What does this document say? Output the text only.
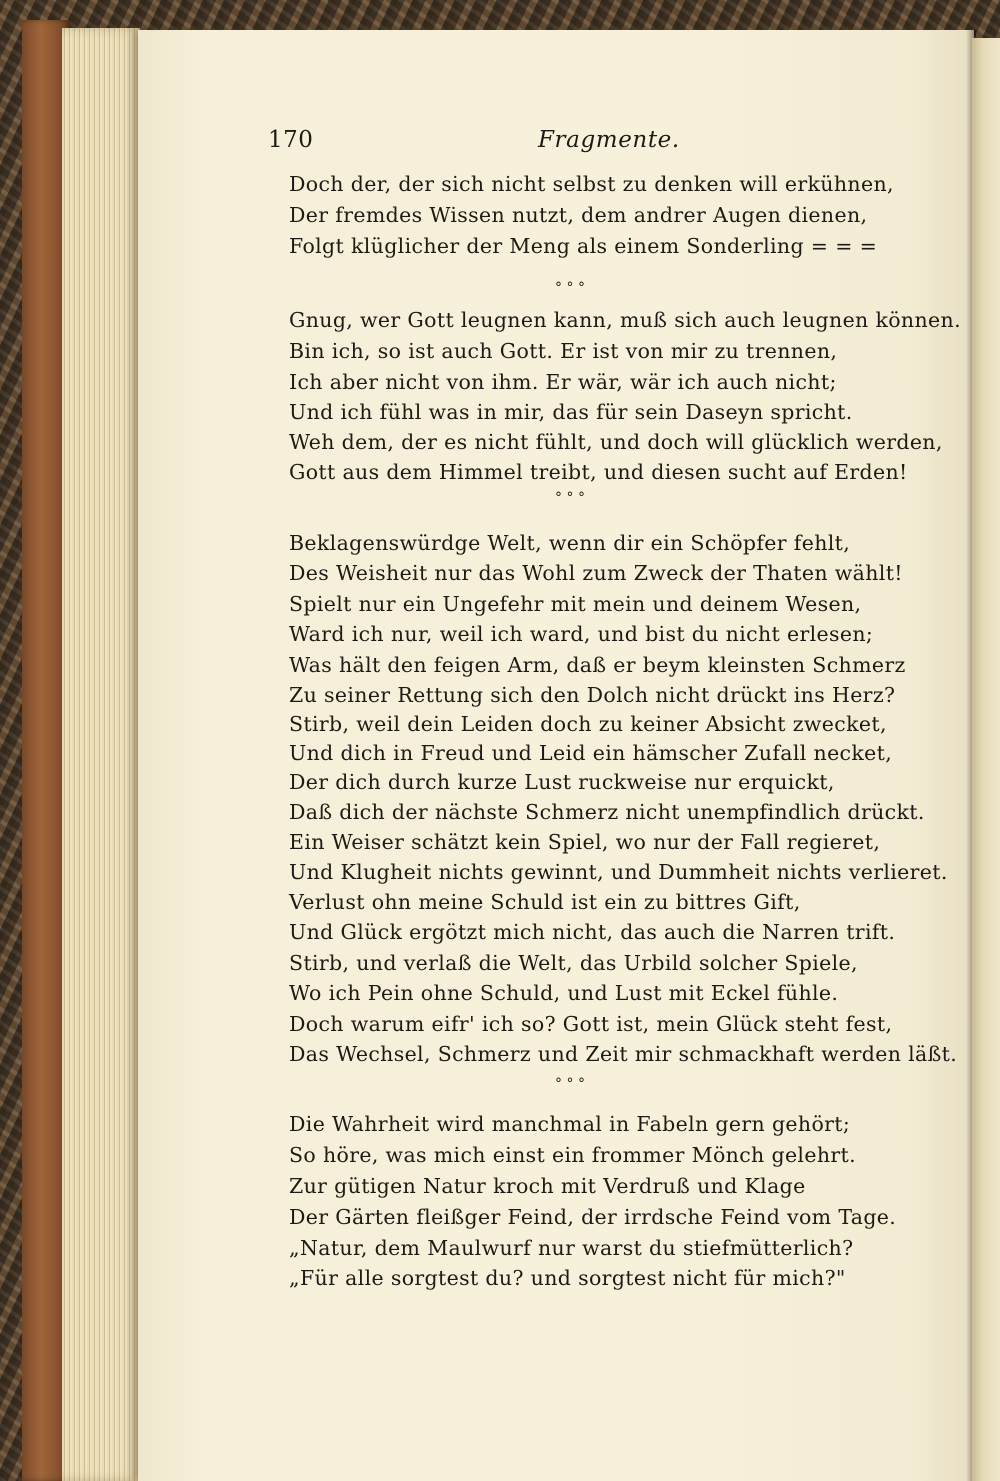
170	Fragmente.
Doch der, der sich nicht selbst zu denken will erkühnen,
Der fremdes Wissen nutzt, dem andrer Augen dienen,
Folgt klüglicher der Meng als einem Sonderling = = =
° ° °
Gnug, wer Gott leugnen kann, muß sich auch leugnen können.
Bin ich, so ist auch Gott. Er ist von mir zu trennen,
Ich aber nicht von ihm. Er wär, wär ich auch nicht;
Und ich fühl was in mir, das für sein Daseyn spricht.
Weh dem, der es nicht fühlt, und doch will glücklich werden,
Gott aus dem Himmel treibt, und diesen sucht auf Erden!
° ° °
Beklagenswürdge Welt, wenn dir ein Schöpfer fehlt,
Des Weisheit nur das Wohl zum Zweck der Thaten wählt!
Spielt nur ein Ungefehr mit mein und deinem Wesen,
Ward ich nur, weil ich ward, und bist du nicht erlesen;
Was hält den feigen Arm, daß er beym kleinsten Schmerz
Zu seiner Rettung sich den Dolch nicht drückt ins Herz?
Stirb, weil dein Leiden doch zu keiner Absicht zwecket,
Und dich in Freud und Leid ein hämscher Zufall necket,
Der dich durch kurze Lust ruckweise nur erquickt,
Daß dich der nächste Schmerz nicht unempfindlich drückt.
Ein Weiser schätzt kein Spiel, wo nur der Fall regieret,
Und Klugheit nichts gewinnt, und Dummheit nichts verlieret.
Verlust ohn meine Schuld ist ein zu bittres Gift,
Und Glück ergötzt mich nicht, das auch die Narren trift.
Stirb, und verlaß die Welt, das Urbild solcher Spiele,
Wo ich Pein ohne Schuld, und Lust mit Eckel fühle.
Doch warum eifr' ich so? Gott ist, mein Glück steht fest,
Das Wechsel, Schmerz und Zeit mir schmackhaft werden läßt.
° ° °
Die Wahrheit wird manchmal in Fabeln gern gehört;
So höre, was mich einst ein frommer Mönch gelehrt.
Zur gütigen Natur kroch mit Verdruß und Klage
Der Gärten fleißger Feind, der irrdsche Feind vom Tage.
„Natur, dem Maulwurf nur warst du stiefmütterlich?
„Für alle sorgtest du? und sorgtest nicht für mich?"
